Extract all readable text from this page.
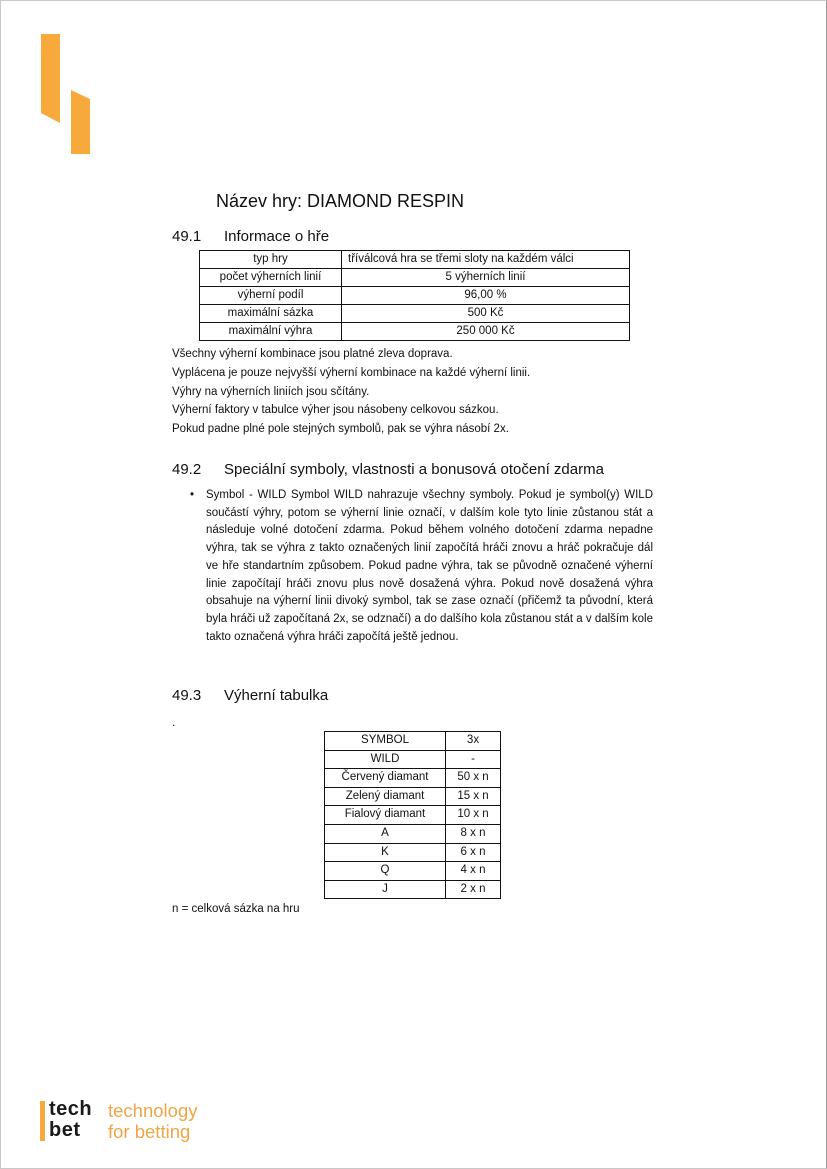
Název hry: DIAMOND RESPIN
49.1 Informace o hře
typ hry	tříválcová hra se třemi sloty na každém válci
počet výherních linií	5 výherních linií
výherní podíl	96,00 %
maximální sázka	500 Kč
maximální výhra	250 000 Kč
Všechny výherní kombinace jsou platné zleva doprava.
Vyplácena je pouze nejvyšší výherní kombinace na každé výherní linii.
Výhry na výherních liniích jsou sčítány.
Výherní faktory v tabulce výher jsou násobeny celkovou sázkou.
Pokud padne plné pole stejných symbolů, pak se výhra násobí 2x.
49.2 Speciální symboly, vlastnosti a bonusová otočení zdarma
• Symbol - WILD Symbol WILD nahrazuje všechny symboly. Pokud je symbol(y) WILD součástí výhry, potom se výherní linie označí, v dalším kole tyto linie zůstanou stát a následuje volné dotočení zdarma. Pokud během volného dotočení zdarma nepadne výhra, tak se výhra z takto označených linií započítá hráči znovu a hráč pokračuje dál ve hře standartním způsobem. Pokud padne výhra, tak se původně označené výherní linie započítají hráči znovu plus nově dosažená výhra. Pokud nově dosažená výhra obsahuje na výherní linii divoký symbol, tak se zase označí (přičemž ta původní, která byla hráči už započítaná 2x, se odznačí) a do dalšího kola zůstanou stát a v dalším kole takto označená výhra hráči započítá ještě jednou.

49.3 Výherní tabulka
.
SYMBOL	3x
WILD	-
Červený diamant	50 x n
Zelený diamant	15 x n
Fialový diamant	10 x n
A	8 x n
K	6 x n
Q	4 x n
J	2 x n
n = celková sázka na hru
tech
bet
technology
for betting
